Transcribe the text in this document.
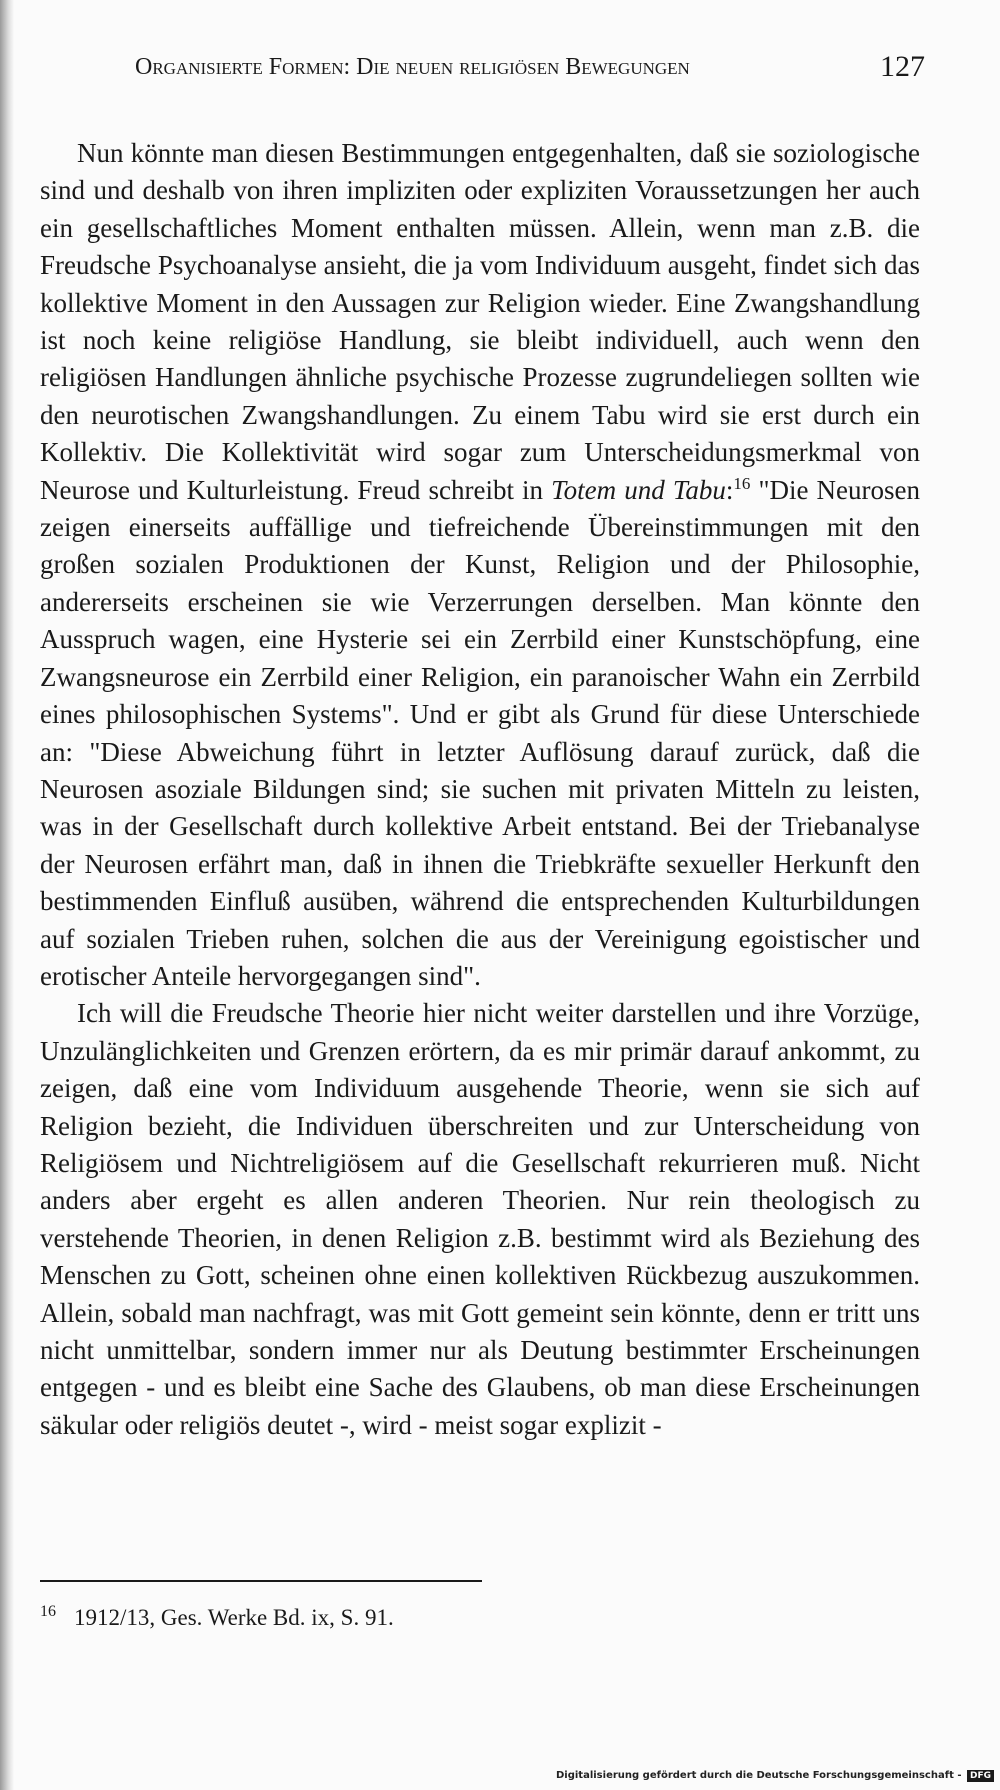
Organisierte Formen: Die neuen religiösen Bewegungen	127

Nun könnte man diesen Bestimmungen entgegenhalten, daß sie soziologische sind und deshalb von ihren impliziten oder expliziten Voraussetzungen her auch ein gesellschaftliches Moment enthalten müssen. Allein, wenn man z.B. die Freudsche Psychoanalyse ansieht, die ja vom Individuum ausgeht, findet sich das kollektive Moment in den Aussagen zur Religion wieder. Eine Zwangshandlung ist noch keine religiöse Handlung, sie bleibt individuell, auch wenn den religiösen Handlungen ähnliche psychische Prozesse zugrundeliegen sollten wie den neurotischen Zwangshandlungen. Zu einem Tabu wird sie erst durch ein Kollektiv. Die Kollektivität wird sogar zum Unterscheidungsmerkmal von Neurose und Kulturleistung. Freud schreibt in Totem und Tabu:$^{16}$ "Die Neurosen zeigen einerseits auffällige und tiefreichende Übereinstimmungen mit den großen sozialen Produktionen der Kunst, Religion und der Philosophie, andererseits erscheinen sie wie Verzerrungen derselben. Man könnte den Ausspruch wagen, eine Hysterie sei ein Zerrbild einer Kunstschöpfung, eine Zwangsneurose ein Zerrbild einer Religion, ein paranoischer Wahn ein Zerrbild eines philosophischen Systems". Und er gibt als Grund für diese Unterschiede an: "Diese Abweichung führt in letzter Auflösung darauf zurück, daß die Neurosen asoziale Bildungen sind; sie suchen mit privaten Mitteln zu leisten, was in der Gesellschaft durch kollektive Arbeit entstand. Bei der Triebanalyse der Neurosen erfährt man, daß in ihnen die Triebkräfte sexueller Herkunft den bestimmenden Einfluß ausüben, während die entsprechenden Kulturbildungen auf sozialen Trieben ruhen, solchen die aus der Vereinigung egoistischer und erotischer Anteile hervorgegangen sind".

Ich will die Freudsche Theorie hier nicht weiter darstellen und ihre Vorzüge, Unzulänglichkeiten und Grenzen erörtern, da es mir primär darauf ankommt, zu zeigen, daß eine vom Individuum ausgehende Theorie, wenn sie sich auf Religion bezieht, die Individuen überschreiten und zur Unterscheidung von Religiösem und Nichtreligiösem auf die Gesellschaft rekurrieren muß. Nicht anders aber ergeht es allen anderen Theorien. Nur rein theologisch zu verstehende Theorien, in denen Religion z.B. bestimmt wird als Beziehung des Menschen zu Gott, scheinen ohne einen kollektiven Rückbezug auszukommen. Allein, sobald man nachfragt, was mit Gott gemeint sein könnte, denn er tritt uns nicht unmittelbar, sondern immer nur als Deutung bestimmter Erscheinungen entgegen - und es bleibt eine Sache des Glaubens, ob man diese Erscheinungen säkular oder religiös deutet -, wird - meist sogar explizit -

$^{16}$ 1912/13, Ges. Werke Bd. ix, S. 91.
Digitalisierung gefördert durch die Deutsche Forschungsgemeinschaft - DFG
